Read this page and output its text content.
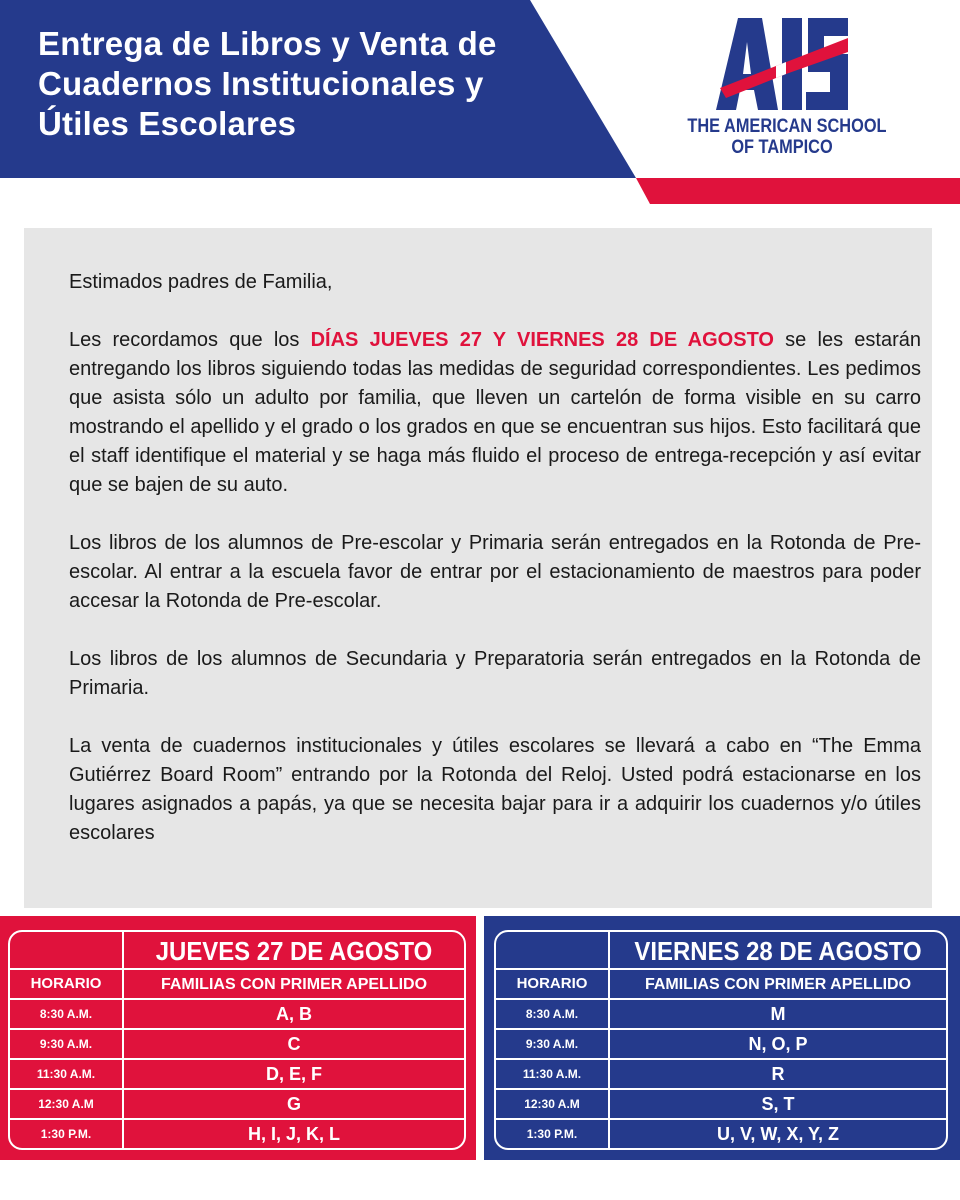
Entrega de Libros y Venta de
Cuadernos Institucionales y
Útiles Escolares	THE AMERICAN SCHOOL
OF TAMPICO

Estimados padres de Familia,

Les recordamos que los DÍAS JUEVES 27 Y VIERNES 28 DE AGOSTO se les estarán entregando los libros siguiendo todas las medidas de seguridad correspondientes. Les pedimos que asista sólo un adulto por familia, que lleven un cartelón de forma visible en su carro mostrando el apellido y el grado o los grados en que se encuentran sus hijos. Esto facilitará que el staff identifique el material y se haga más fluido el proceso de entrega-recepción y así evitar que se bajen de su auto.

Los libros de los alumnos de Pre-escolar y Primaria serán entregados en la Rotonda de Pre-escolar. Al entrar a la escuela favor de entrar por el estacionamiento de maestros para poder accesar la Rotonda de Pre-escolar.

Los libros de los alumnos de Secundaria y Preparatoria serán entregados en la Rotonda de Primaria.

La venta de cuadernos institucionales y útiles escolares se llevará a cabo en “The Emma Gutiérrez Board Room” entrando por la Rotonda del Reloj. Usted podrá estacionarse en los lugares asignados a papás, ya que se necesita bajar para ir a adquirir los cuadernos y/o útiles escolares

JUEVES 27 DE AGOSTO
HORARIO	FAMILIAS CON PRIMER APELLIDO
8:30 A.M.	A, B
9:30 A.M.	C
11:30 A.M.	D, E, F
12:30 A.M	G
1:30 P.M.	H, I, J, K, L
VIERNES 28 DE AGOSTO
HORARIO	FAMILIAS CON PRIMER APELLIDO
8:30 A.M.	M
9:30 A.M.	N, O, P
11:30 A.M.	R
12:30 A.M	S, T
1:30 P.M.	U, V, W, X, Y, Z
